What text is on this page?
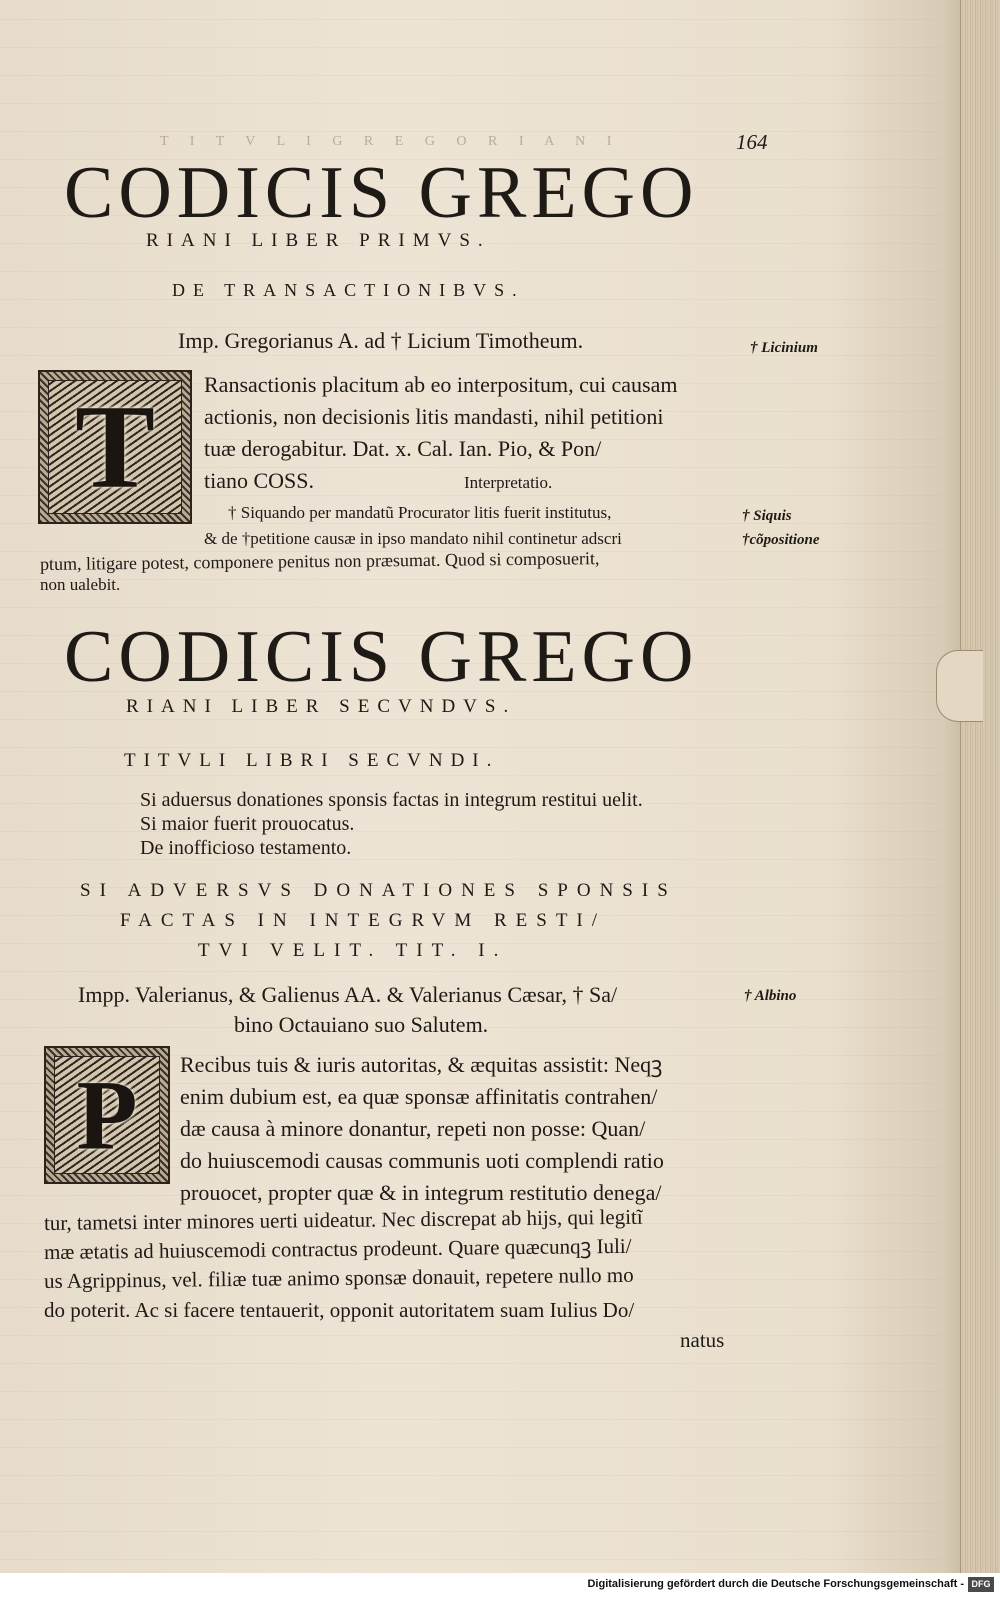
T I T V L I G R E G O R I A N I	164
CODICIS GREGO
RIANI LIBER PRIMVS.
DE TRANSACTIONIBVS.
Imp. Gregorianus A. ad † Licium Timotheum.
T	Ransactionis placitum ab eo interpositum, cui causam
actionis, non decisionis litis mandasti, nihil petitioni
tuæ derogabitur. Dat. x. Cal. Ian. Pio, & Pon/
tiano COSS.	Interpretatio.
† Siquando per mandatũ Procurator litis fuerit institutus,
& de †petitione causæ in ipso mandato nihil continetur adscri
ptum, litigare potest, componere penitus non præsumat. Quod si composuerit,
non ualebit.
CODICIS GREGO
RIANI LIBER SECVNDVS.
TITVLI LIBRI SECVNDI.
Si aduersus donationes sponsis factas in integrum restitui uelit.
Si maior fuerit prouocatus.
De inofficioso testamento.
SI ADVERSVS DONATIONES SPONSIS
FACTAS IN INTEGRVM RESTI/
TVI VELIT. TIT. I.
Impp. Valerianus, & Galienus AA. & Valerianus Cæsar, † Sa/
bino Octauiano suo Salutem.
P	Recibus tuis & iuris autoritas, & æquitas assistit: Neqꝫ
enim dubium est, ea quæ sponsæ affinitatis contrahen/
dæ causa à minore donantur, repeti non posse: Quan/
do huiuscemodi causas communis uoti complendi ratio
prouocet, propter quæ & in integrum restitutio denega/
tur, tametsi inter minores uerti uideatur. Nec discrepat ab hijs, qui legitĩ
mæ ætatis ad huiuscemodi contractus prodeunt. Quare quæcunqꝫ Iuli/
us Agrippinus, vel. filiæ tuæ animo sponsæ donauit, repetere nullo mo
do poterit. Ac si facere tentauerit, opponit autoritatem suam Iulius Do/
natus
† Licinium
† Siquis
†cõpositione
† Albino
Digitalisierung gefördert durch die Deutsche Forschungsgemeinschaft - DFG
